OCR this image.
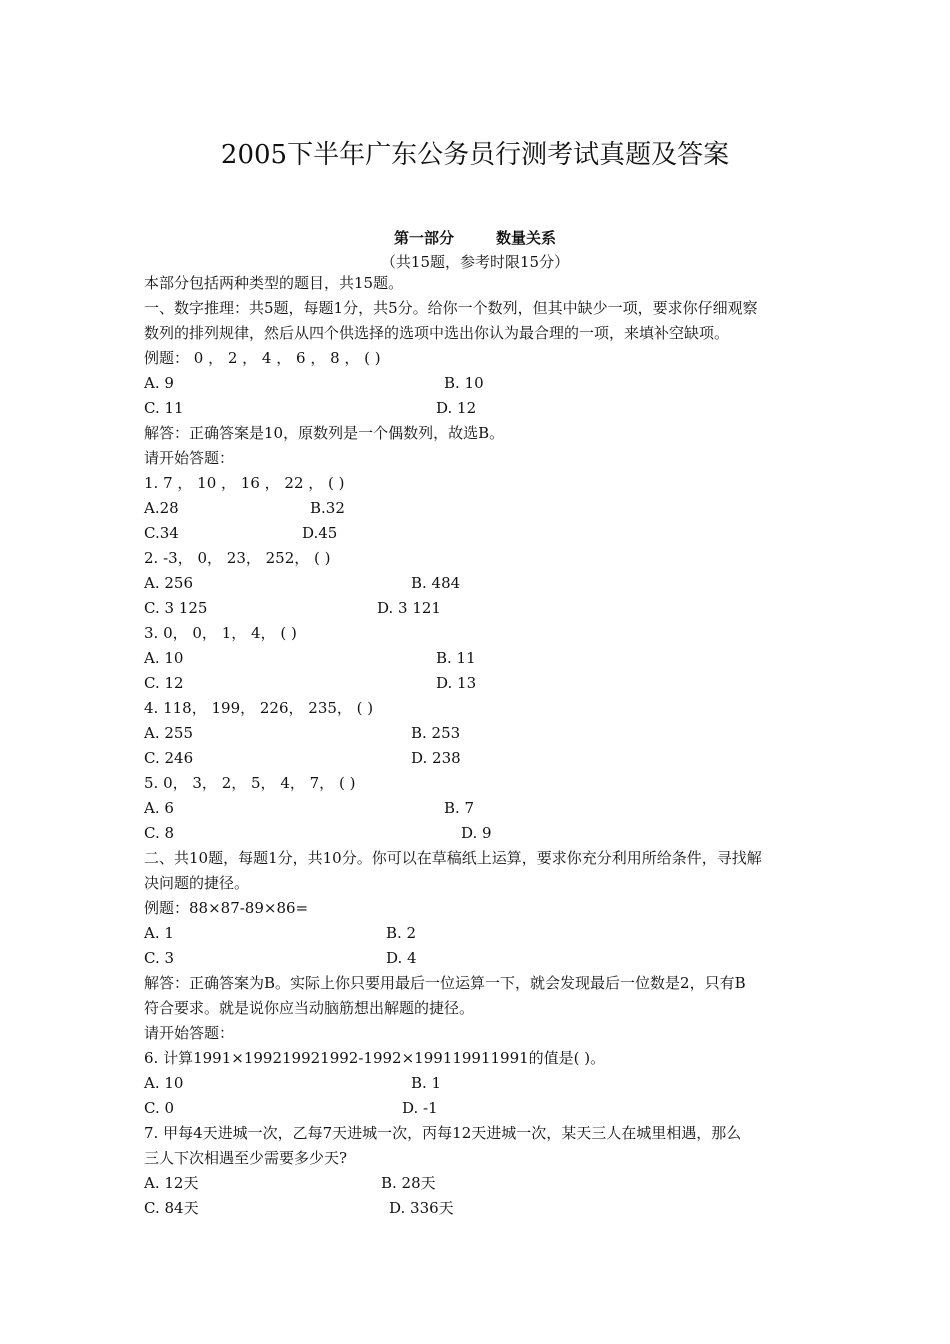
2005下半年广东公务员行测考试真题及答案
第一部分	数量关系
（共15题，参考时限15分）
本部分包括两种类型的题目，共15题。
一、数字推理：共5题，每题1分，共5分。给你一个数列，但其中缺少一项，要求你仔细观察
数列的排列规律，然后从四个供选择的选项中选出你认为最合理的一项，来填补空缺项。
例题： 0 ， 2 ， 4 ， 6 ， 8 ， ( )
A. 9	B. 10
C. 11	D. 12
解答：正确答案是10，原数列是一个偶数列，故选B。
请开始答题：
1. 7 ， 10 ， 16 ， 22 ， ( )
A.28	B.32
C.34	D.45
2. -3， 0， 23， 252， ( )
A. 256	B. 484
C. 3 125	D. 3 121
3. 0， 0， 1， 4， ( )
A. 10	B. 11
C. 12	D. 13
4. 118， 199， 226， 235， ( )
A. 255	B. 253
C. 246	D. 238
5. 0， 3， 2， 5， 4， 7， ( )
A. 6	B. 7
C. 8	D. 9
二、共10题，每题1分，共10分。你可以在草稿纸上运算，要求你充分利用所给条件，寻找解
决问题的捷径。
例题：88×87-89×86=
A. 1	B. 2
C. 3	D. 4
解答：正确答案为B。实际上你只要用最后一位运算一下，就会发现最后一位数是2，只有B
符合要求。就是说你应当动脑筋想出解题的捷径。
请开始答题：
6. 计算1991×199219921992-1992×199119911991的值是( )。
A. 10	B. 1
C. 0	D. -1
7. 甲每4天进城一次，乙每7天进城一次，丙每12天进城一次，某天三人在城里相遇，那么
三人下次相遇至少需要多少天?
A. 12天	B. 28天
C. 84天	D. 336天
